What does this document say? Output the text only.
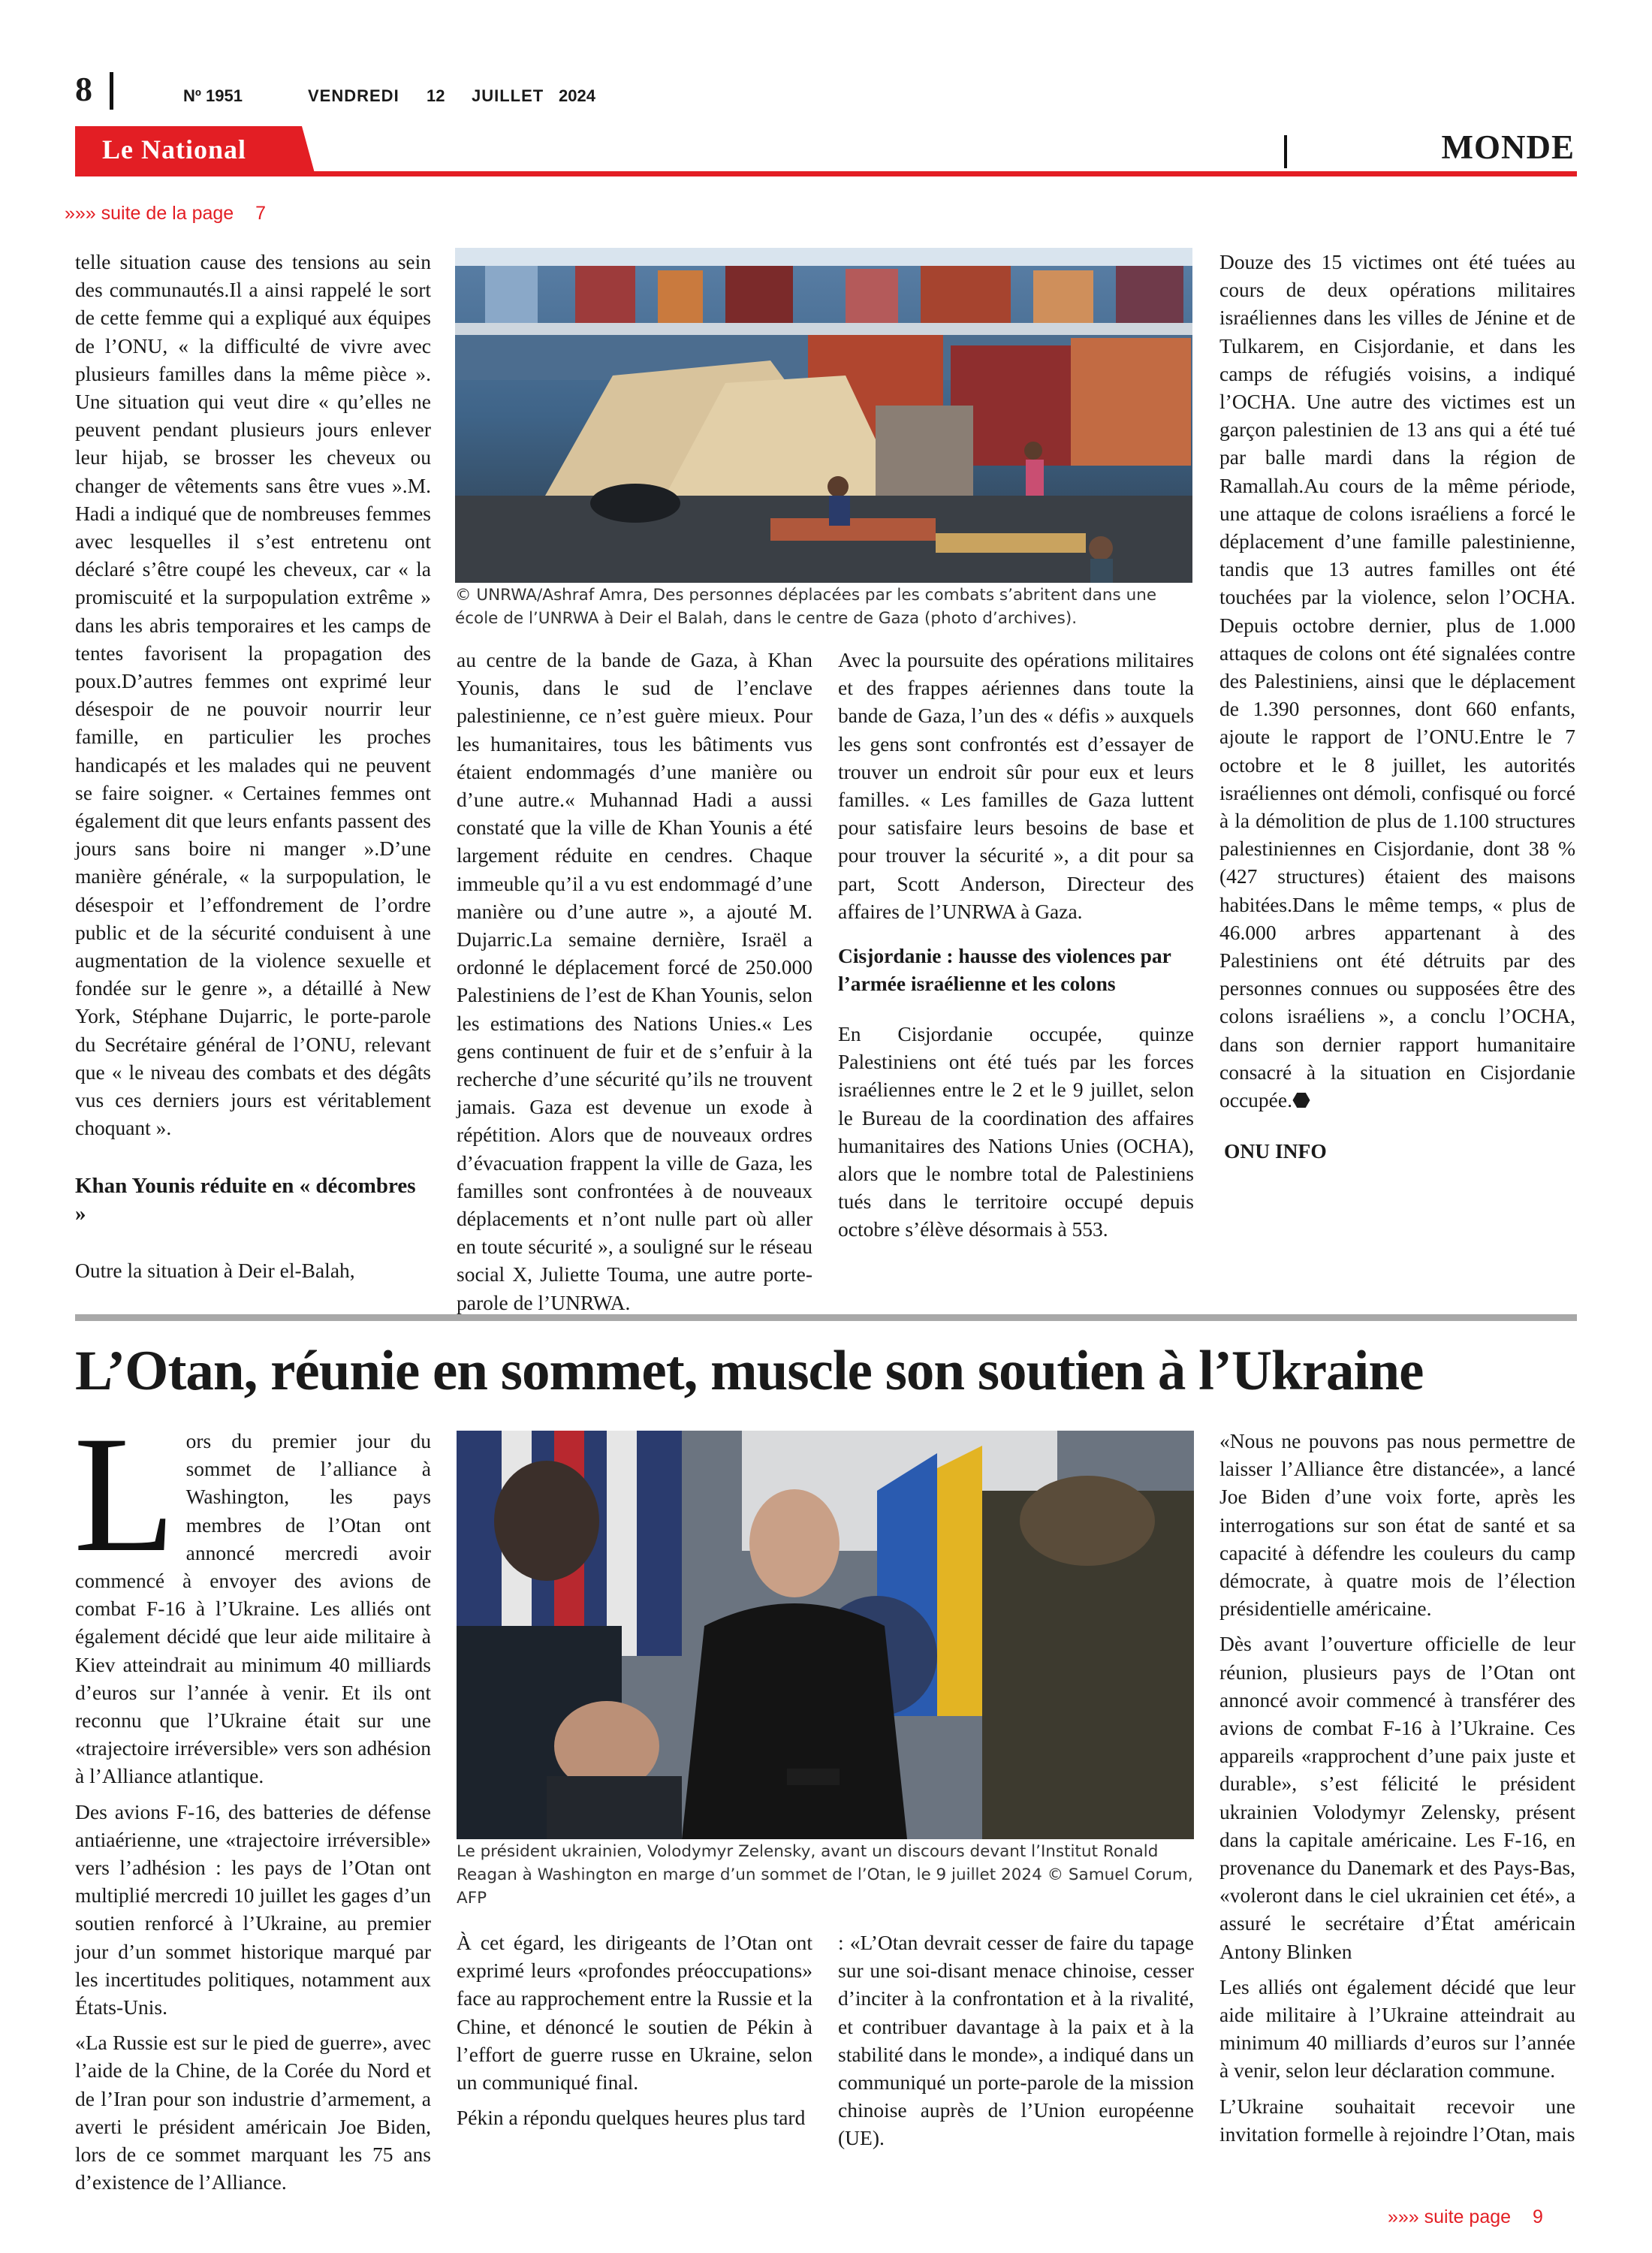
8	Nº 1951	VENDREDI 12 JUILLET 2024
Le National	MONDE
»»» suite de la page 7

telle situation cause des tensions au sein des communautés.Il a ainsi rappelé le sort de cette femme qui a expliqué aux équipes de l’ONU, « la difficulté de vivre avec plusieurs familles dans la même pièce ». Une situation qui veut dire « qu’elles ne peuvent pendant plusieurs jours enlever leur hijab, se brosser les cheveux ou changer de vêtements sans être vues ».M. Hadi a indiqué que de nombreuses femmes avec lesquelles il s’est entretenu ont déclaré s’être coupé les cheveux, car « la promiscuité et la surpopulation extrême » dans les abris temporaires et les camps de tentes favorisent la propagation des poux.D’autres femmes ont exprimé leur désespoir de ne pouvoir nourrir leur famille, en particulier les proches handicapés et les malades qui ne peuvent se faire soigner. « Certaines femmes ont également dit que leurs enfants passent des jours sans boire ni manger ».D’une manière générale, « la surpopulation, le désespoir et l’effondrement de l’ordre public et de la sécurité conduisent à une augmentation de la violence sexuelle et fondée sur le genre », a détaillé à New York, Stéphane Dujarric, le porte-parole du Secrétaire général de l’ONU, relevant que « le niveau des combats et des dégâts vus ces derniers jours est véritablement choquant ».

Khan Younis réduite en « décombres »

Outre la situation à Deir el-Balah,

© UNRWA/Ashraf Amra, Des personnes déplacées par les combats s’abritent dans une école de l’UNRWA à Deir el Balah, dans le centre de Gaza (photo d’archives).

au centre de la bande de Gaza, à Khan Younis, dans le sud de l’enclave palestinienne, ce n’est guère mieux. Pour les humanitaires, tous les bâtiments vus étaient endommagés d’une manière ou d’une autre.« Muhannad Hadi a aussi constaté que la ville de Khan Younis a été largement réduite en cendres. Chaque immeuble qu’il a vu est endommagé d’une manière ou d’une autre », a ajouté M. Dujarric.La semaine dernière, Israël a ordonné le déplacement forcé de 250.000 Palestiniens de l’est de Khan Younis, selon les estimations des Nations Unies.« Les gens continuent de fuir et de s’enfuir à la recherche d’une sécurité qu’ils ne trouvent jamais. Gaza est devenue un exode à répétition. Alors que de nouveaux ordres d’évacuation frappent la ville de Gaza, les familles sont confrontées à de nouveaux déplacements et n’ont nulle part où aller en toute sécurité », a souligné sur le réseau social X, Juliette Touma, une autre porte-parole de l’UNRWA.

Avec la poursuite des opérations militaires et des frappes aériennes dans toute la bande de Gaza, l’un des « défis » auxquels les gens sont confrontés est d’essayer de trouver un endroit sûr pour eux et leurs familles. « Les familles de Gaza luttent pour satisfaire leurs besoins de base et pour trouver la sécurité », a dit pour sa part, Scott Anderson, Directeur des affaires de l’UNRWA à Gaza.

Cisjordanie : hausse des violences par l’armée israélienne et les colons

En Cisjordanie occupée, quinze Palestiniens ont été tués par les forces israéliennes entre le 2 et le 9 juillet, selon le Bureau de la coordination des affaires humanitaires des Nations Unies (OCHA), alors que le nombre total de Palestiniens tués dans le territoire occupé depuis octobre s’élève désormais à 553.

Douze des 15 victimes ont été tuées au cours de deux opérations militaires israéliennes dans les villes de Jénine et de Tulkarem, en Cisjordanie, et dans les camps de réfugiés voisins, a indiqué l’OCHA. Une autre des victimes est un garçon palestinien de 13 ans qui a été tué par balle mardi dans la région de Ramallah.Au cours de la même période, une attaque de colons israéliens a forcé le déplacement d’une famille palestinienne, tandis que 13 autres familles ont été touchées par la violence, selon l’OCHA. Depuis octobre dernier, plus de 1.000 attaques de colons ont été signalées contre des Palestiniens, ainsi que le déplacement de 1.390 personnes, dont 660 enfants, ajoute le rapport de l’ONU.Entre le 7 octobre et le 8 juillet, les autorités israéliennes ont démoli, confisqué ou forcé à la démolition de plus de 1.100 structures palestiniennes en Cisjordanie, dont 38 % (427 structures) étaient des maisons habitées.Dans le même temps, « plus de 46.000 arbres appartenant à des Palestiniens ont été détruits par des personnes connues ou supposées être des colons israéliens », a conclu l’OCHA, dans son dernier rapport humanitaire consacré à la situation en Cisjordanie occupée.⬣

ONU INFO

L’Otan, réunie en sommet, muscle son soutien à l’Ukraine

Lors du premier jour du sommet de l’alliance à Washington, les pays membres de l’Otan ont annoncé mercredi avoir commencé à envoyer des avions de combat F-16 à l’Ukraine. Les alliés ont également décidé que leur aide militaire à Kiev atteindrait au minimum 40 milliards d’euros sur l’année à venir. Et ils ont reconnu que l’Ukraine était sur une «trajectoire irréversible» vers son adhésion à l’Alliance atlantique.

Des avions F-16, des batteries de défense antiaérienne, une «trajectoire irréversible» vers l’adhésion : les pays de l’Otan ont multiplié mercredi 10 juillet les gages d’un soutien renforcé à l’Ukraine, au premier jour d’un sommet historique marqué par les incertitudes politiques, notamment aux États-Unis.

«La Russie est sur le pied de guerre», avec l’aide de la Chine, de la Corée du Nord et de l’Iran pour son industrie d’armement, a averti le président américain Joe Biden, lors de ce sommet marquant les 75 ans d’existence de l’Alliance.

Le président ukrainien, Volodymyr Zelensky, avant un discours devant l’Institut Ronald Reagan à Washington en marge d’un sommet de l’Otan, le 9 juillet 2024 © Samuel Corum, AFP

À cet égard, les dirigeants de l’Otan ont exprimé leurs «profondes préoccupations» face au rapprochement entre la Russie et la Chine, et dénoncé le soutien de Pékin à l’effort de guerre russe en Ukraine, selon un communiqué final.

Pékin a répondu quelques heures plus tard

: «L’Otan devrait cesser de faire du tapage sur une soi-disant menace chinoise, cesser d’inciter à la confrontation et à la rivalité, et contribuer davantage à la paix et à la stabilité dans le monde», a indiqué dans un communiqué un porte-parole de la mission chinoise auprès de l’Union européenne (UE).

«Nous ne pouvons pas nous permettre de laisser l’Alliance être distancée», a lancé Joe Biden d’une voix forte, après les interrogations sur son état de santé et sa capacité à défendre les couleurs du camp démocrate, à quatre mois de l’élection présidentielle américaine.

Dès avant l’ouverture officielle de leur réunion, plusieurs pays de l’Otan ont annoncé avoir commencé à transférer des avions de combat F-16 à l’Ukraine. Ces appareils «rapprochent d’une paix juste et durable», s’est félicité le président ukrainien Volodymyr Zelensky, présent dans la capitale américaine. Les F-16, en provenance du Danemark et des Pays-Bas, «voleront dans le ciel ukrainien cet été», a assuré le secrétaire d’État américain Antony Blinken

Les alliés ont également décidé que leur aide militaire à l’Ukraine atteindrait au minimum 40 milliards d’euros sur l’année à venir, selon leur déclaration commune.

L’Ukraine souhaitait recevoir une invitation formelle à rejoindre l’Otan, mais

»»» suite page 9
